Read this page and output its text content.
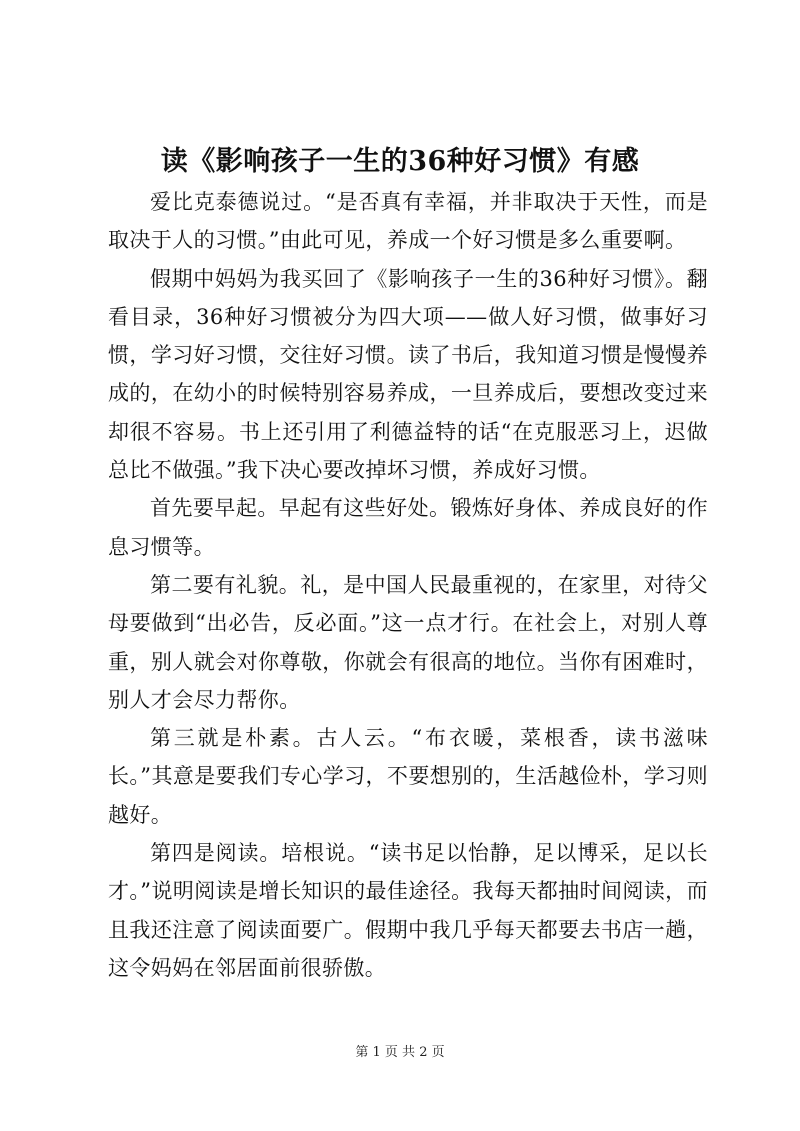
读《影响孩子一生的36种好习惯》有感

爱比克泰德说过。“是否真有幸福，并非取决于天性，而是取决于人的习惯。”由此可见，养成一个好习惯是多么重要啊。

假期中妈妈为我买回了《影响孩子一生的36种好习惯》。翻看目录，36种好习惯被分为四大项——做人好习惯，做事好习惯，学习好习惯，交往好习惯。读了书后，我知道习惯是慢慢养成的，在幼小的时候特别容易养成，一旦养成后，要想改变过来却很不容易。书上还引用了利德益特的话“在克服恶习上，迟做总比不做强。”我下决心要改掉坏习惯，养成好习惯。

首先要早起。早起有这些好处。锻炼好身体、养成良好的作息习惯等。

第二要有礼貌。礼，是中国人民最重视的，在家里，对待父母要做到“出必告，反必面。”这一点才行。在社会上，对别人尊重，别人就会对你尊敬，你就会有很高的地位。当你有困难时，别人才会尽力帮你。

第三就是朴素。古人云。“布衣暖，菜根香，读书滋味长。”其意是要我们专心学习，不要想别的，生活越俭朴，学习则越好。

第四是阅读。培根说。“读书足以怡静，足以博采，足以长才。”说明阅读是增长知识的最佳途径。我每天都抽时间阅读，而且我还注意了阅读面要广。假期中我几乎每天都要去书店一趟，这令妈妈在邻居面前很骄傲。

第 1 页 共 2 页
